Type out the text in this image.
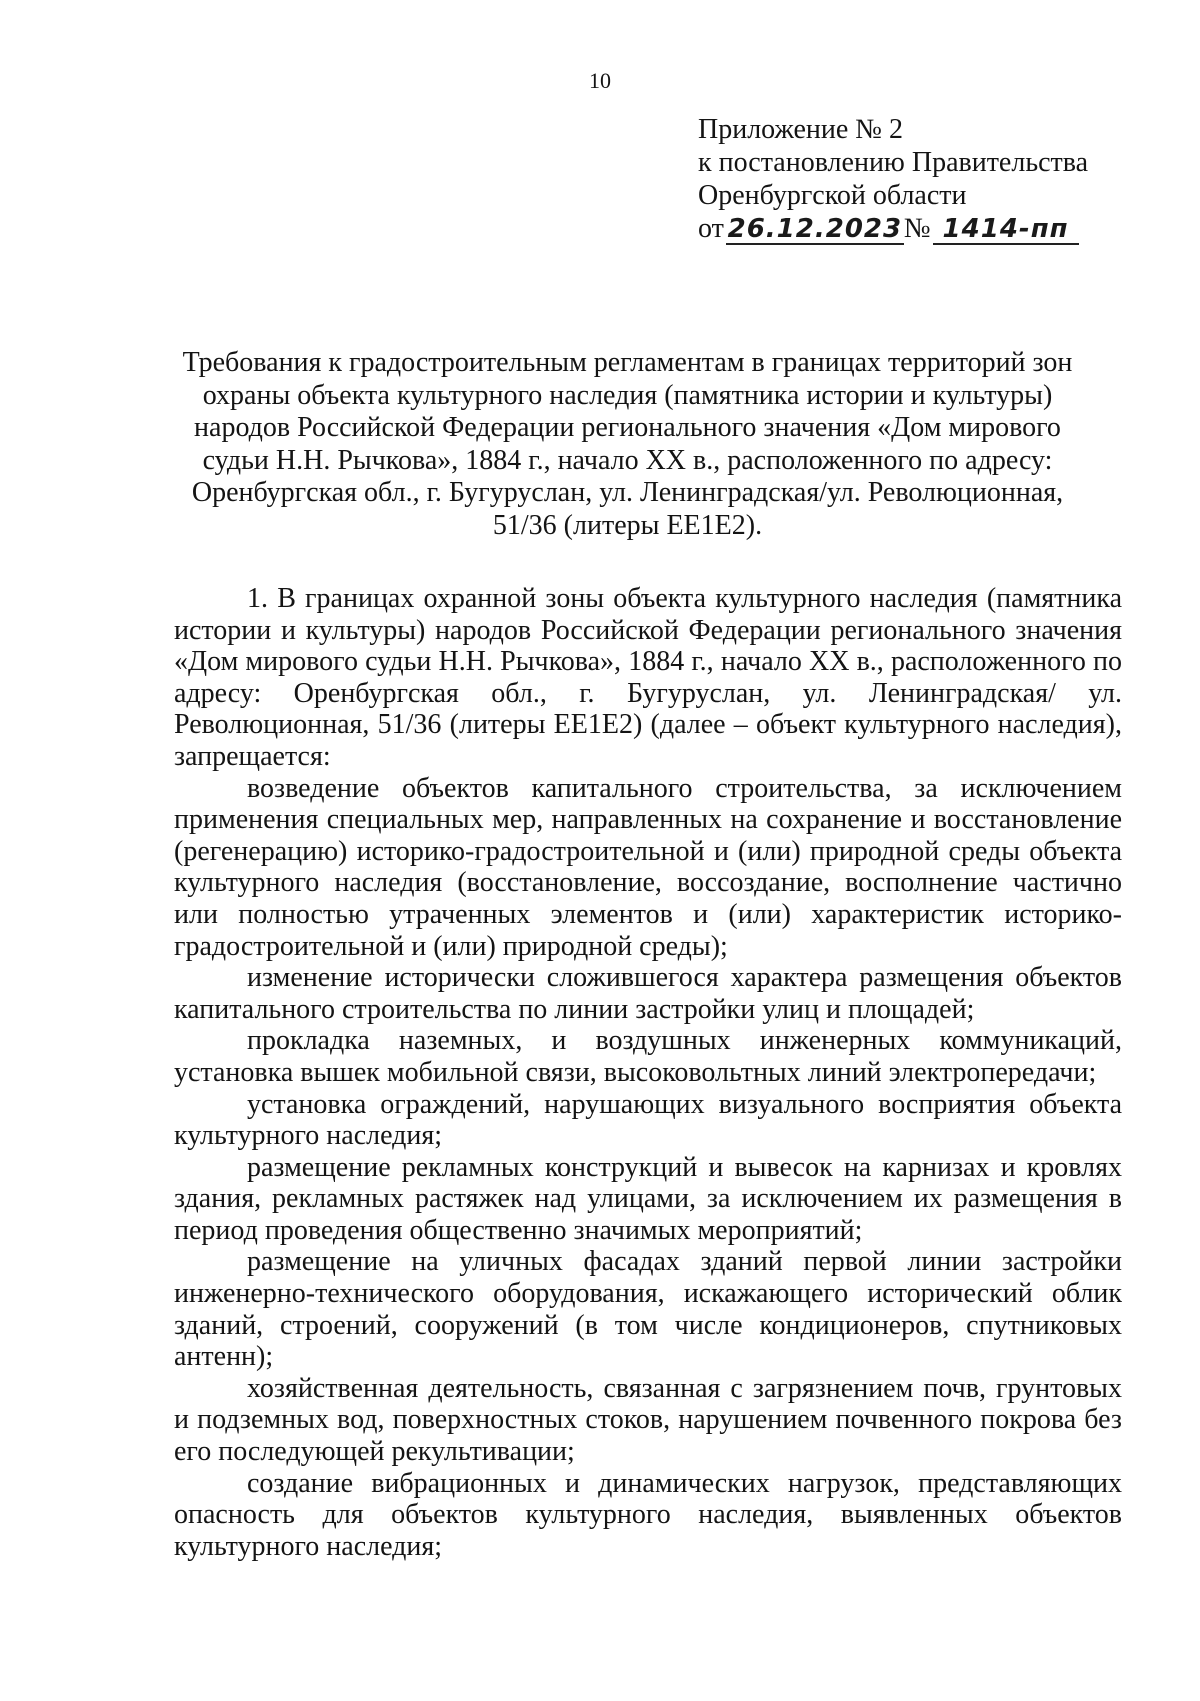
10
Приложение № 2
к постановлению Правительства
Оренбургской области
от 26.12.2023№ 1414-пп
Требования к градостроительным регламентам в границах территорий зон охраны объекта культурного наследия (памятника истории и культуры) народов Российской Федерации регионального значения «Дом мирового судьи Н.Н. Рычкова», 1884 г., начало XX в., расположенного по адресу: Оренбургская обл., г. Бугуруслан, ул. Ленинградская/ул. Революционная, 51/36 (литеры ЕЕ1Е2).

1. В границах охранной зоны объекта культурного наследия (памятника истории и культуры) народов Российской Федерации регионального значения «Дом мирового судьи Н.Н. Рычкова», 1884 г., начало XX в., расположенного по адресу: Оренбургская обл., г. Бугуруслан, ул. Ленинградская/ ул. Революционная, 51/36 (литеры ЕЕ1Е2) (далее – объект культурного наследия), запрещается:

возведение объектов капитального строительства, за исключением применения специальных мер, направленных на сохранение и восстановление (регенерацию) историко-градостроительной и (или) природной среды объекта культурного наследия (восстановление, воссоздание, восполнение частично или полностью утраченных элементов и (или) характеристик историко-градостроительной и (или) природной среды);

изменение исторически сложившегося характера размещения объектов капитального строительства по линии застройки улиц и площадей;

прокладка наземных, и воздушных инженерных коммуникаций, установка вышек мобильной связи, высоковольтных линий электропередачи;

установка ограждений, нарушающих визуального восприятия объекта культурного наследия;

размещение рекламных конструкций и вывесок на карнизах и кровлях здания, рекламных растяжек над улицами, за исключением их размещения в период проведения общественно значимых мероприятий;

размещение на уличных фасадах зданий первой линии застройки инженерно-технического оборудования, искажающего исторический облик зданий, строений, сооружений (в том числе кондиционеров, спутниковых антенн);

хозяйственная деятельность, связанная с загрязнением почв, грунтовых и подземных вод, поверхностных стоков, нарушением почвенного покрова без его последующей рекультивации;

создание вибрационных и динамических нагрузок, представляющих опасность для объектов культурного наследия, выявленных объектов культурного наследия;
